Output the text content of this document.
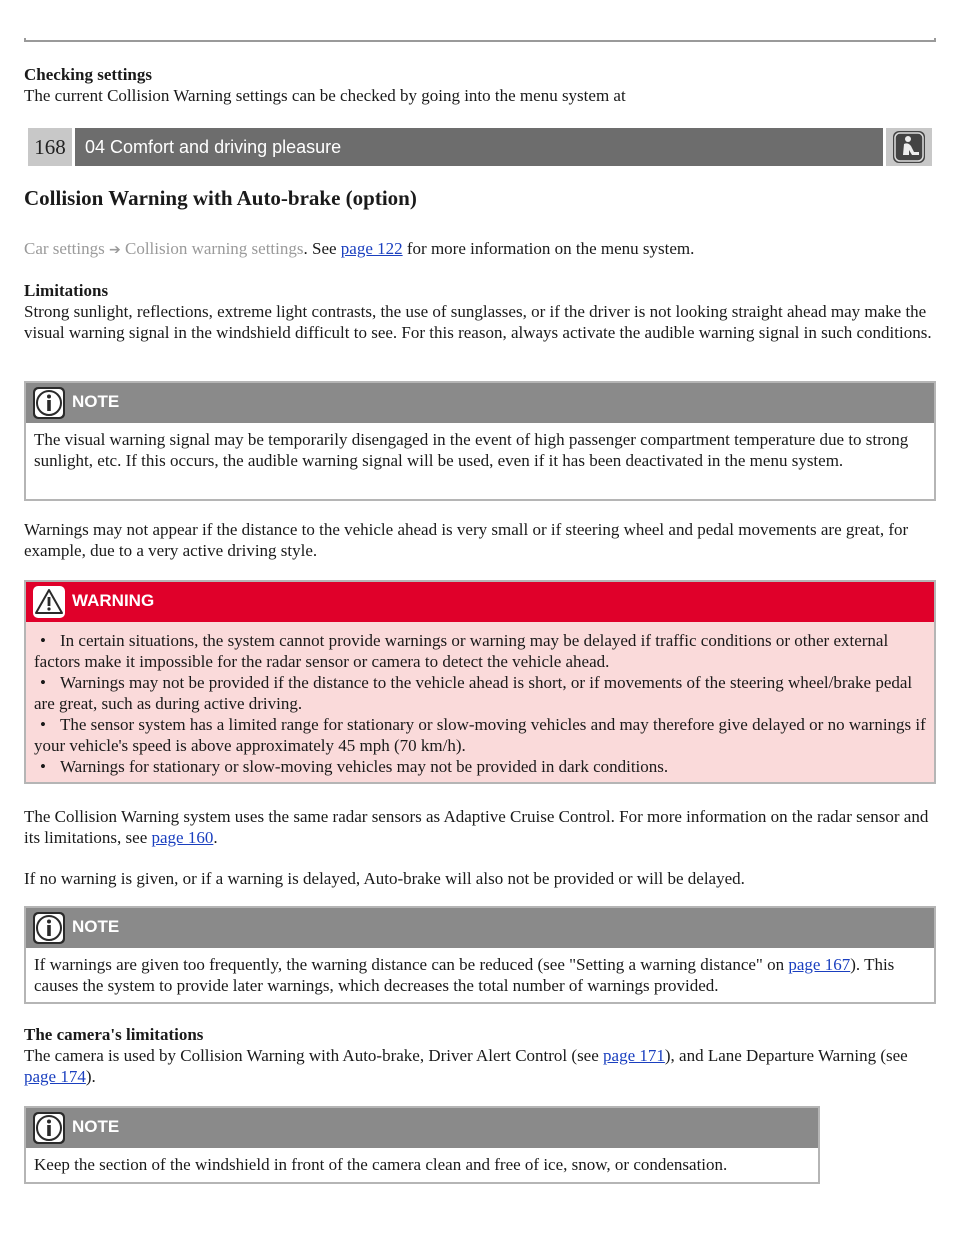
Checking settings

The current Collision Warning settings can be checked by going into the menu system at

168	04 Comfort and driving pleasure
Collision Warning with Auto-brake (option)

Car settings ➔ Collision warning settings. See page 122 for more information on the menu system.

Limitations

Strong sunlight, reflections, extreme light contrasts, the use of sunglasses, or if the driver is not looking straight ahead may make the visual warning signal in the windshield difficult to see. For this reason, always activate the audible warning signal in such conditions.

NOTE

The visual warning signal may be temporarily disengaged in the event of high passenger compartment temperature due to strong sunlight, etc. If this occurs, the audible warning signal will be used, even if it has been deactivated in the menu system.

Warnings may not appear if the distance to the vehicle ahead is very small or if steering wheel and pedal movements are great, for example, due to a very active driving style.

WARNING
• In certain situations, the system cannot provide warnings or warning may be delayed if traffic conditions or other external factors make it impossible for the radar sensor or camera to detect the vehicle ahead.
• Warnings may not be provided if the distance to the vehicle ahead is short, or if movements of the steering wheel/brake pedal are great, such as during active driving.
• The sensor system has a limited range for stationary or slow-moving vehicles and may therefore give delayed or no warnings if your vehicle's speed is above approximately 45 mph (70 km/h).
• Warnings for stationary or slow-moving vehicles may not be provided in dark conditions.

The Collision Warning system uses the same radar sensors as Adaptive Cruise Control. For more information on the radar sensor and its limitations, see page 160.

If no warning is given, or if a warning is delayed, Auto-brake will also not be provided or will be delayed.

NOTE

If warnings are given too frequently, the warning distance can be reduced (see "Setting a warning distance" on page 167). This causes the system to provide later warnings, which decreases the total number of warnings provided.

The camera's limitations

The camera is used by Collision Warning with Auto-brake, Driver Alert Control (see page 171), and Lane Departure Warning (see page 174).

NOTE

Keep the section of the windshield in front of the camera clean and free of ice, snow, or condensation.
